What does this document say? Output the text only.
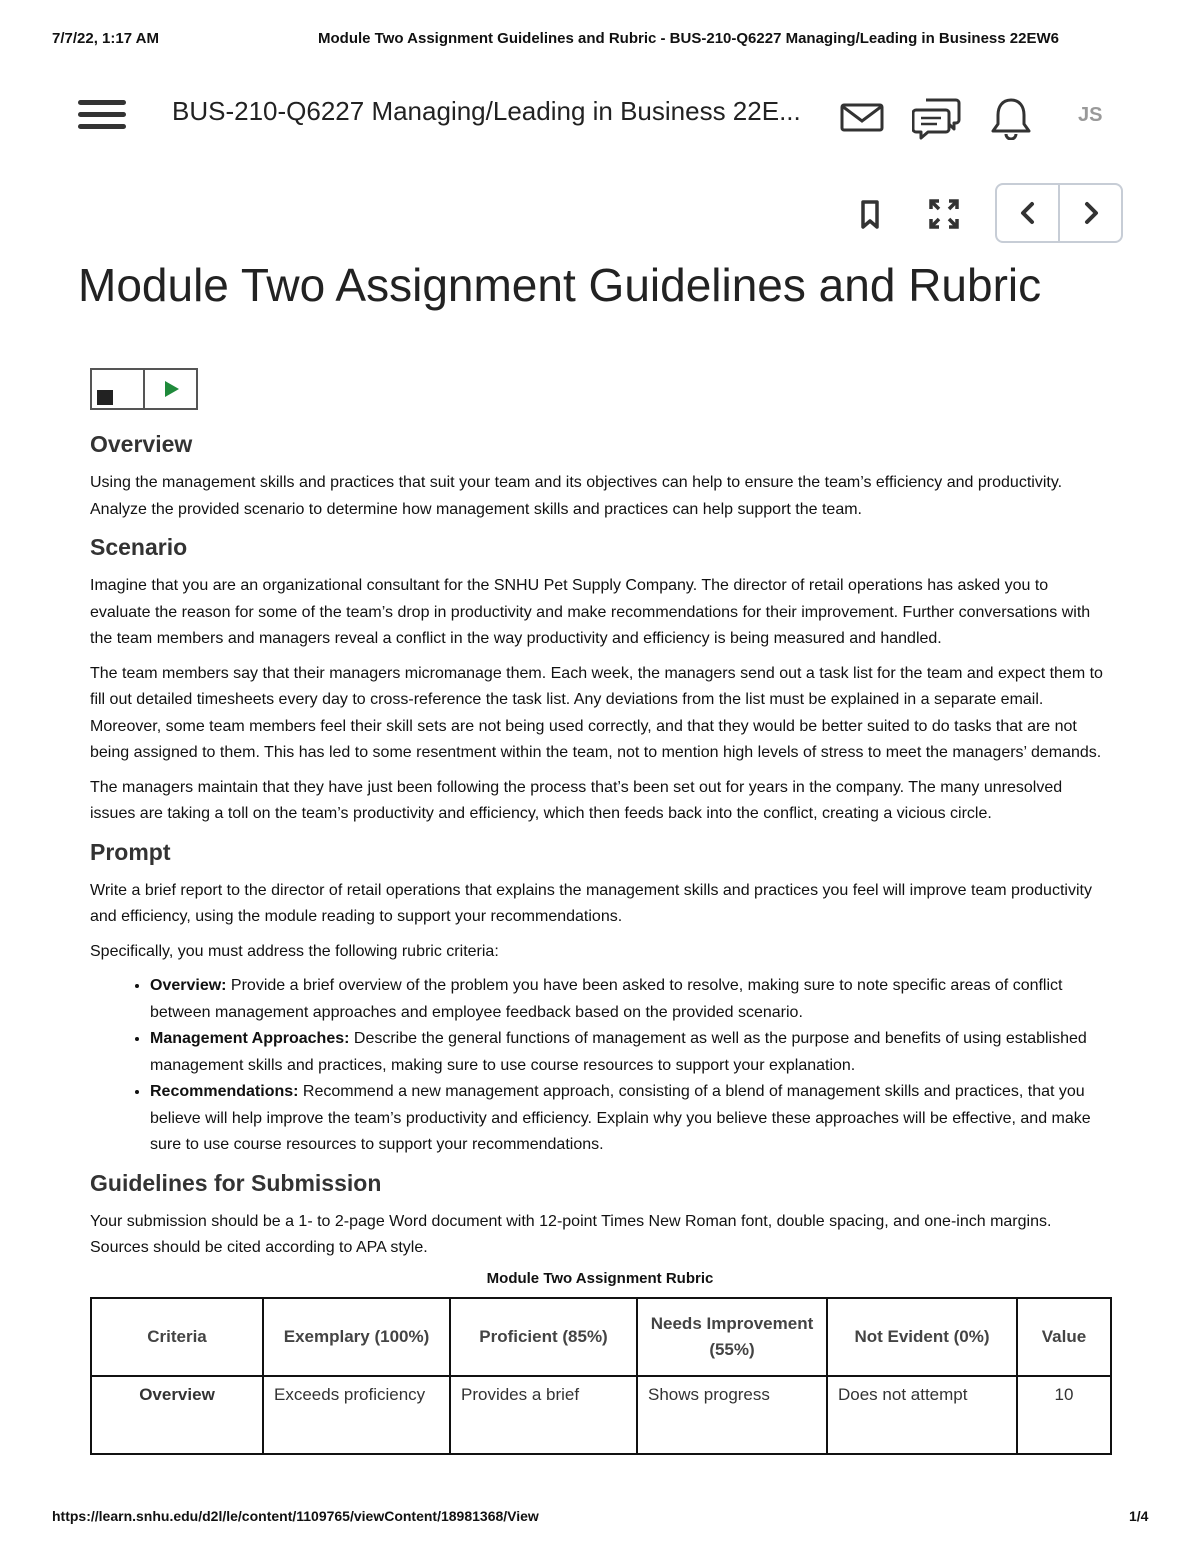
7/7/22, 1:17 AM	Module Two Assignment Guidelines and Rubric - BUS-210-Q6227 Managing/Leading in Business 22EW6
https://learn.snhu.edu/d2l/le/content/1109765/viewContent/18981368/View	1/4
BUS-210-Q6227 Managing/Leading in Business 22E...	JS
Module Two Assignment Guidelines and Rubric
Overview

Using the management skills and practices that suit your team and its objectives can help to ensure the team’s efficiency and productivity. Analyze the provided scenario to determine how management skills and practices can help support the team.

Scenario

Imagine that you are an organizational consultant for the SNHU Pet Supply Company. The director of retail operations has asked you to evaluate the reason for some of the team’s drop in productivity and make recommendations for their improvement. Further conversations with the team members and managers reveal a conflict in the way productivity and efficiency is being measured and handled.

The team members say that their managers micromanage them. Each week, the managers send out a task list for the team and expect them to fill out detailed timesheets every day to cross-reference the task list. Any deviations from the list must be explained in a separate email. Moreover, some team members feel their skill sets are not being used correctly, and that they would be better suited to do tasks that are not being assigned to them. This has led to some resentment within the team, not to mention high levels of stress to meet the managers’ demands.

The managers maintain that they have just been following the process that’s been set out for years in the company. The many unresolved issues are taking a toll on the team’s productivity and efficiency, which then feeds back into the conflict, creating a vicious circle.

Prompt

Write a brief report to the director of retail operations that explains the management skills and practices you feel will improve team productivity and efficiency, using the module reading to support your recommendations.

Specifically, you must address the following rubric criteria:

• Overview: Provide a brief overview of the problem you have been asked to resolve, making sure to note specific areas of conflict between management approaches and employee feedback based on the provided scenario.
• Management Approaches: Describe the general functions of management as well as the purpose and benefits of using established management skills and practices, making sure to use course resources to support your explanation.
• Recommendations: Recommend a new management approach, consisting of a blend of management skills and practices, that you believe will help improve the team’s productivity and efficiency. Explain why you believe these approaches will be effective, and make sure to use course resources to support your recommendations.
Guidelines for Submission

Your submission should be a 1- to 2-page Word document with 12-point Times New Roman font, double spacing, and one-inch margins. Sources should be cited according to APA style.

Module Two Assignment Rubric
Criteria	Exemplary (100%)	Proficient (85%)	Needs Improvement (55%)	Not Evident (0%)	Value
Overview	Exceeds proficiency	Provides a brief	Shows progress	Does not attempt	10
